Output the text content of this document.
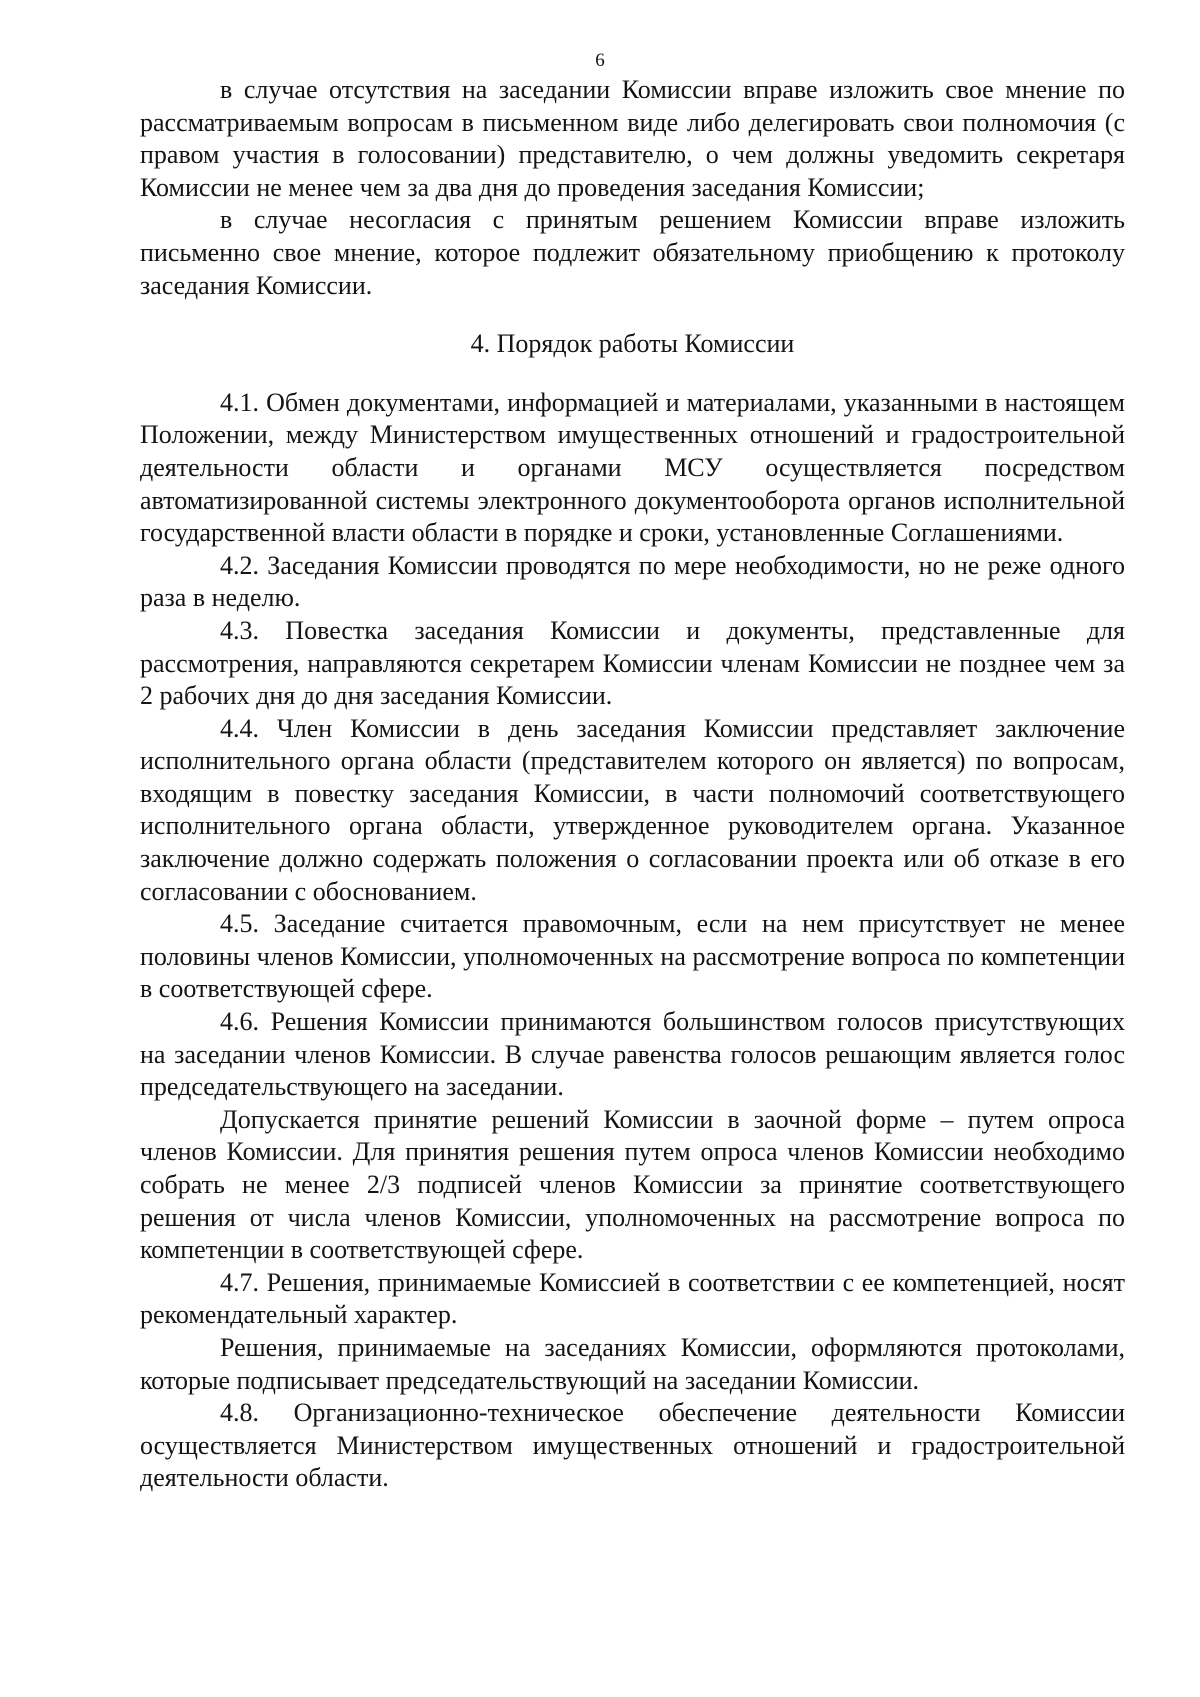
6

в случае отсутствия на заседании Комиссии вправе изложить свое мнение по рассматриваемым вопросам в письменном виде либо делегировать свои полномочия (с правом участия в голосовании) представителю, о чем должны уведомить секретаря Комиссии не менее чем за два дня до проведения заседания Комиссии;

в случае несогласия с принятым решением Комиссии вправе изложить письменно свое мнение, которое подлежит обязательному приобщению к протоколу заседания Комиссии.

4. Порядок работы Комиссии

4.1. Обмен документами, информацией и материалами, указанными в настоящем Положении, между Министерством имущественных отношений и градостроительной деятельности области и органами МСУ осуществляется посредством автоматизированной системы электронного документооборота органов исполнительной государственной власти области в порядке и сроки, установленные Соглашениями.

4.2. Заседания Комиссии проводятся по мере необходимости, но не реже одного раза в неделю.

4.3. Повестка заседания Комиссии и документы, представленные для рассмотрения, направляются секретарем Комиссии членам Комиссии не позднее чем за 2 рабочих дня до дня заседания Комиссии.

4.4. Член Комиссии в день заседания Комиссии представляет заключение исполнительного органа области (представителем которого он является) по вопросам, входящим в повестку заседания Комиссии, в части полномочий соответствующего исполнительного органа области, утвержденное руководителем органа. Указанное заключение должно содержать положения о согласовании проекта или об отказе в его согласовании с обоснованием.

4.5. Заседание считается правомочным, если на нем присутствует не менее половины членов Комиссии, уполномоченных на рассмотрение вопроса по компетенции в соответствующей сфере.

4.6. Решения Комиссии принимаются большинством голосов присутствующих на заседании членов Комиссии. В случае равенства голосов решающим является голос председательствующего на заседании.

Допускается принятие решений Комиссии в заочной форме – путем опроса членов Комиссии. Для принятия решения путем опроса членов Комиссии необходимо собрать не менее 2/3 подписей членов Комиссии за принятие соответствующего решения от числа членов Комиссии, уполномоченных на рассмотрение вопроса по компетенции в соответствующей сфере.

4.7. Решения, принимаемые Комиссией в соответствии с ее компетенцией, носят рекомендательный характер.

Решения, принимаемые на заседаниях Комиссии, оформляются протоколами, которые подписывает председательствующий на заседании Комиссии.

4.8. Организационно-техническое обеспечение деятельности Комиссии осуществляется Министерством имущественных отношений и градостроительной деятельности области.
